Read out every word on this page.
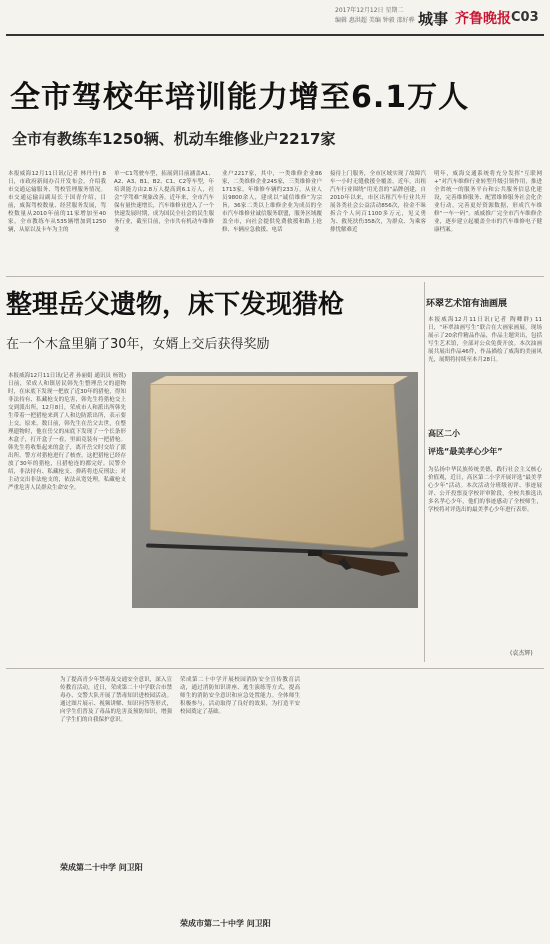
2017年12月12日 星期二
编辑 惠洪超 美编 钟毅 邵好骅 城事 齐鲁晚报 C03
全市驾校年培训能力增至6.1万人
全市有教练车1250辆、机动车维修业户2217家
本报威海12月11日讯(记者 林丹丹) 8日，市政府新闻办召开发布会，介绍我市交通运输服务、驾校管理服务情况。市交通运输局副局长于国青介绍，目前，威海驾校数量、经营服务发展，驾校数量从2010年前的11家增加至40家，全市教练车从535辆增加到1250辆，从原以及卡车为主的
单一C1驾驶车型，拓展到目前涵盖A1、A2、A3、B1、B2、C1、C2等车型，年培训能力由2.8万人提高到6.1万人，社会“学驾难”现象改善。近年来，全市汽车保有量快速增长，汽车维修业进入了一个快速发展时期，成为国民全社会的民生服务行业，截至目前，全市共有机动车维修业
业户2217家，其中，一类维修企业86家，二类维修企业245家，三类维修业户1713家，年维修车辆约233万，从业人员9800余人，建成以“诚信维修”为宗旨，36家二类以上维修企业为成员的全市汽车维修业诚信服务联盟，服务区域覆盖全市，向社会提供免费救援和路上抢修、车辆应急救援、电话
接待上门服务，全市区域实现了故障汽车一小时无缝救援全覆盖。近年，出租汽车行业围绕“用光喜的”品牌创建，自2010年以来，市区出租汽车行业共开展各类社会公益活动856次，捡金不昧拆合个人问百1100多万元，见义勇为、救死扶伤358次，为群众、为乘客排忧解难近
明年，威海交通系统将充分发挥“互联网+”对汽车维修行业转型升级引领作用，推进全省统一的服务平台和公共服务信息化建设，完善维修服务、配置维修服务社会化企业行动，完善更好资源数据，形成汽车维修“一车一码”。威威推广完全市汽车维修企业，逐步建立起覆盖全市的汽车维修电子健康档案。
整理岳父遗物，床下发现猎枪
在一个木盒里躺了30年，女婿上交后获得奖励
本报威海12月11日讯(记者 孙丽娟 通讯员 杨锐) 日前，荣成人和镇居民韩先生整理岳父的遗物时，在床底下发现一把放了近30年的猎枪，得知非法持有、私藏枪支的危害，韩先生将猎枪交上交到派出所。12月8日，荣成市人和派出所韩先生带着一把猎枪来到了人和边防派出所，表示要上交。原来，数日前，韩先生在岳父去世，在整理遗物时，他在岳父的床底下发现了一个长条形木盒子，打开盒子一看，里面竟装有一把猎枪。韩先生将收集起来的盒子，离开岳父时交给了派出所。警方对猎枪进行了核查，这把猎枪已经存放了30年的猎枪，且猎枪连的都完好。民警介绍，非法持有、私藏枪支、弹药将违反刑法；对主动交出非法枪支的，依法从宽处理，私藏枪支严重危害人民群众生命安全。
环翠艺术馆有油画展
本报威海12月11日讯(记者 陶卿群) 11日，“环翠油画写生”联合在大画家画展，现场展示了20余件精品作品，作品主题突出，包括写生艺术馆，全部对公众免费开放。本次油画展共展出作品46件，作品描绘了威海的美丽风光，展期将持续至本月28日。
高区二小
评选“最美孝心少年”
为弘扬中华民族传统美德，践行社会主义核心价值观，近日，高区第二小学开展评选“最美孝心少年”活动。本次活动分班级初评、事迹展评、公开投票及学校评审阶段，全校共推选出多名孝心少年，他们的事迹感动了全校师生，学校将对评选出的最美孝心少年进行表彰。
(袁杰辉)
为了提高青少年禁毒及交通安全意识，深入宣传教育活动，近日，荣成第二十中学联合市禁毒办、交警大队开展了禁毒知识进校园活动。通过图片展示、视频讲解、知识问答等形式，向学生们普及了毒品的危害及预防知识，增强了学生们的自我保护意识。
荣成第二十中学 问卫阳
荣成第二十中学开展校园消防安全宣传教育活动，通过消防知识讲座、逃生演练等方式，提高师生的消防安全意识和应急处置能力。全体师生积极参与，活动取得了良好的效果，为打造平安校园奠定了基础。
荣成市第二十中学 问卫阳
